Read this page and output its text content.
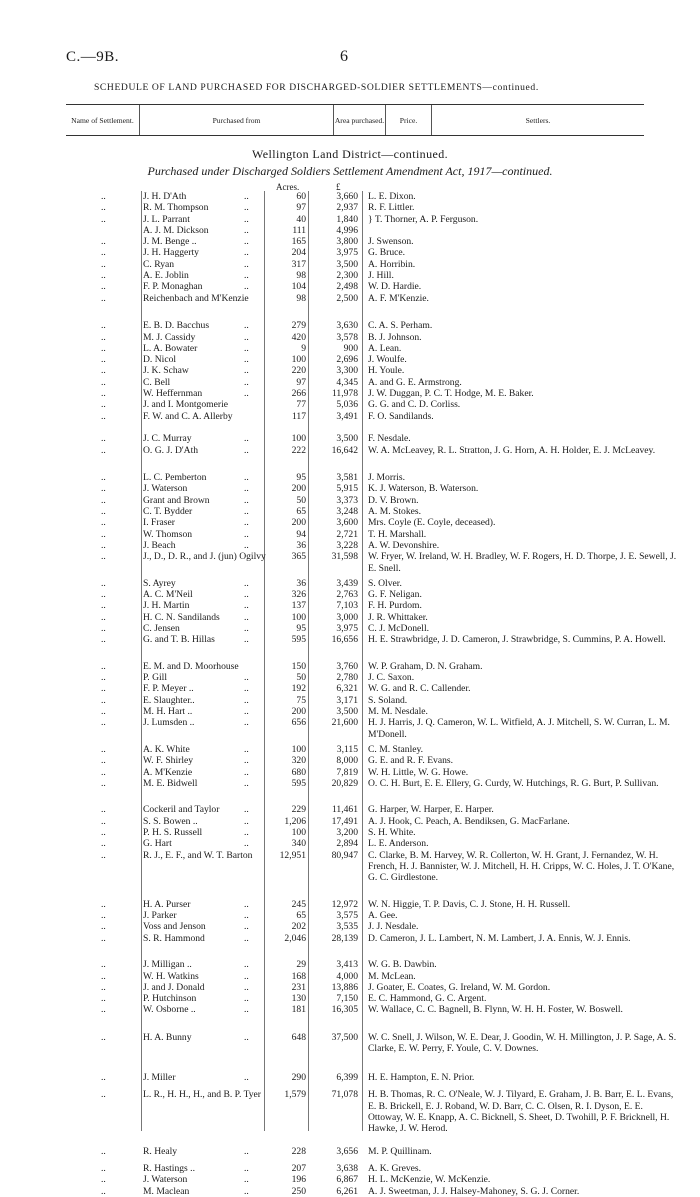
C.—9B.	6
SCHEDULE OF LAND PURCHASED FOR DISCHARGED-SOLDIER SETTLEMENTS—continued.
Name of Settlement.	Purchased from	Area purchased.	Price.	Settlers.
Wellington Land District—continued.
Purchased under Discharged Soldiers Settlement Amendment Act, 1917—continued.
Acres.	£
..	J. H. D'Ath	..	60	3,660 L. E. Dixon.
..	R. M. Thompson	..	97	2,937 R. F. Littler.
..	J. L. Parrant	..	40	1,840 } T. Thorner, A. P. Ferguson.
A. J. M. Dickson	..	111	4,996
..	J. M. Benge ..	..	165	3,800 J. Swenson.
..	J. H. Haggerty	..	204	3,975 G. Bruce.
..	C. Ryan	..	317	3,500 A. Horribin.
..	A. E. Joblin	..	98	2,300 J. Hill.
..	F. P. Monaghan	..	104	2,498 W. D. Hardie.
..	Reichenbach and M'Kenzie	98	2,500 A. F. M'Kenzie.
..	E. B. D. Bacchus	..	279	3,630 C. A. S. Perham.
..	M. J. Cassidy	..	420	3,578 B. J. Johnson.
..	L. A. Bowater	..	9	900 A. Lean.
..	D. Nicol	..	100	2,696 J. Woulfe.
..	J. K. Schaw	..	220	3,300 H. Youle.
..	C. Bell	..	97	4,345 A. and G. E. Armstrong.
..	W. Heffernman	..	266	11,978 J. W. Duggan, P. C. T. Hodge, M. E. Baker.
..	J. and I. Montgomerie	77	5,036 G. G. and C. D. Corliss.
..	F. W. and C. A. Allerby	117	3,491 F. O. Sandilands.
..	J. C. Murray	..	100	3,500 F. Nesdale.
..	O. G. J. D'Ath	..	222	16,642 W. A. McLeavey, R. L. Stratton, J. G. Horn, A. H. Holder, E. J. McLeavey.
..	L. C. Pemberton	..	95	3,581 J. Morris.
..	J. Waterson	..	200	5,915 K. J. Waterson, B. Waterson.
..	Grant and Brown	..	50	3,373 D. V. Brown.
..	C. T. Bydder	..	65	3,248 A. M. Stokes.
..	I. Fraser	..	200	3,600 Mrs. Coyle (E. Coyle, deceased).
..	W. Thomson	..	94	2,721 T. H. Marshall.
..	J. Beach	..	36	3,228 A. W. Devonshire.
..	J., D., D. R., and J. (jun) Ogilvy	365	31,598 W. Fryer, W. Ireland, W. H. Bradley, W. F. Rogers, H. D. Thorpe, J. E. Sewell, J. E. Snell.
..	S. Ayrey	..	36	3,439 S. Olver.
..	A. C. M'Neil	..	326	2,763 G. F. Neligan.
..	J. H. Martin	..	137	7,103 F. H. Purdom.
..	H. C. N. Sandilands	..	100	3,000 J. R. Whittaker.
..	C. Jensen	..	95	3,975 C. J. McDonell.
..	G. and T. B. Hillas	..	595	16,656 H. E. Strawbridge, J. D. Cameron, J. Strawbridge, S. Cummins, P. A. Howell.
..	E. M. and D. Moorhouse	150	3,760 W. P. Graham, D. N. Graham.
..	P. Gill	..	50	2,780 J. C. Saxon.
..	F. P. Meyer ..	..	192	6,321 W. G. and R. C. Callender.
..	E. Slaughter..	..	75	3,171 S. Soland.
..	M. H. Hart ..	..	200	3,500 M. M. Nesdale.
..	J. Lumsden ..	..	656	21,600 H. J. Harris, J. Q. Cameron, W. L. Witfield, A. J. Mitchell, S. W. Curran, L. M. M'Donell.
..	A. K. White	..	100	3,115 C. M. Stanley.
..	W. F. Shirley	..	320	8,000 G. E. and R. F. Evans.
..	A. M'Kenzie	..	680	7,819 W. H. Little, W. G. Howe.
..	M. E. Bidwell	..	595	20,829 O. C. H. Burt, E. E. Ellery, G. Curdy, W. Hutchings, R. G. Burt, P. Sullivan.
..	Cockeril and Taylor	..	229	11,461 G. Harper, W. Harper, E. Harper.
..	S. S. Bowen ..	..	1,206	17,491 A. J. Hook, C. Peach, A. Bendiksen, G. MacFarlane.
..	P. H. S. Russell	..	100	3,200 S. H. White.
..	G. Hart	..	340	2,894 L. E. Anderson.
..	R. J., E. F., and W. T. Barton	12,951	80,947 C. Clarke, B. M. Harvey, W. R. Collerton, W. H. Grant, J. Fernandez, W. H. French, H. J. Bannister, W. J. Mitchell, H. H. Cripps, W. C. Holes, J. T. O'Kane, G. C. Girdlestone.
..	H. A. Purser	..	245	12,972 W. N. Higgie, T. P. Davis, C. J. Stone, H. H. Russell.
..	J. Parker	..	65	3,575 A. Gee.
..	Voss and Jenson	..	202	3,535 J. J. Nesdale.
..	S. R. Hammond	..	2,046	28,139 D. Cameron, J. L. Lambert, N. M. Lambert, J. A. Ennis, W. J. Ennis.
..	J. Milligan ..	..	29	3,413 W. G. B. Dawbin.
..	W. H. Watkins	..	168	4,000 M. McLean.
..	J. and J. Donald	..	231	13,886 J. Goater, E. Coates, G. Ireland, W. M. Gordon.
..	P. Hutchinson	..	130	7,150 E. C. Hammond, G. C. Argent.
..	W. Osborne ..	..	181	16,305 W. Wallace, C. C. Bagnell, B. Flynn, W. H. H. Foster, W. Boswell.
..	H. A. Bunny	..	648	37,500 W. C. Snell, J. Wilson, W. E. Dear, J. Goodin, W. H. Millington, J. P. Sage, A. S. Clarke, E. W. Perry, F. Youle, C. V. Downes.
..	J. Miller	..	290	6,399 H. E. Hampton, E. N. Prior.
..	L. R., H. H., H., and B. P. Tyer	1,579	71,078 H. B. Thomas, R. C. O'Neale, W. J. Tilyard, E. Graham, J. B. Barr, E. L. Evans, E. B. Brickell, E. J. Roband, W. D. Barr, C. C. Olsen, R. I. Dyson, E. E. Ottoway, W. E. Knapp, A. C. Bicknell, S. Sheet, D. Twohill, P. F. Bricknell, H. Hawke, J. W. Herod.
..	R. Healy	..	228	3,656 M. P. Quillinam.
..	R. Hastings ..	..	207	3,638 A. K. Greves.
..	J. Waterson	..	196	6,867 H. L. McKenzie, W. McKenzie.
..	M. Maclean	..	250	6,261 A. J. Sweetman, J. J. Halsey-Mahoney, S. G. J. Corner.
